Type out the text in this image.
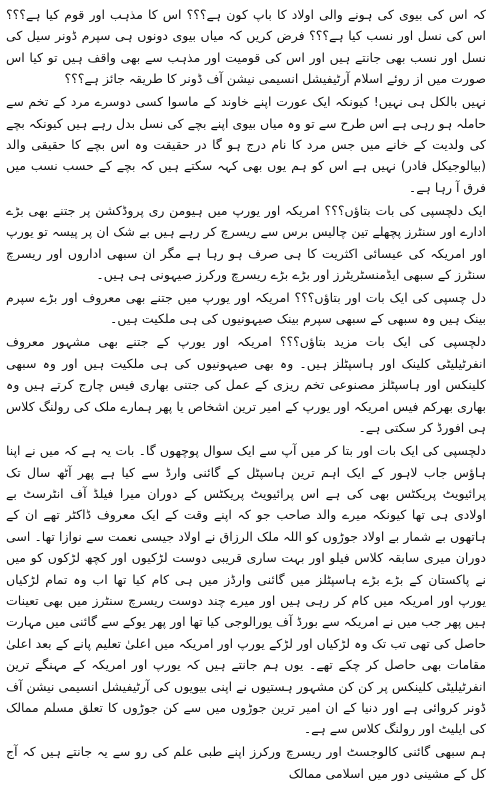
کہ اس کی بیوی کی ہونے والی اولاد کا باپ کون ہے؟؟؟ اس کا مذہب اور قوم کیا ہے؟؟؟ اس کی نسل اور نسب کیا ہے؟؟؟ فرض کریں کہ میاں بیوی دونوں ہی سپرم ڈونر سیل کی نسل اور نسب بھی جانتے ہیں اور اس کی قومیت اور مذہب سے بھی واقف ہیں تو کیا اس صورت میں از روئے اسلام آرٹیفیشل انسیمی نیشن آف ڈونر کا طریقہ جائز ہے؟؟؟

نہیں بالکل ہی نہیں! کیونکہ ایک عورت اپنے خاوند کے ماسوا کسی دوسرے مرد کے تخم سے حاملہ ہو رہی ہے اس طرح سے تو وہ میاں بیوی اپنے بچے کی نسل بدل رہے ہیں کیونکہ بچے کی ولدیت کے خانے میں جس مرد کا نام درج ہو گا در حقیقت وہ اس بچے کا حقیقی والد (بیالوجیکل فادر) نہیں ہے اس کو ہم یوں بھی کہہ سکتے ہیں کہ بچے کے حسب نسب میں فرق آ رہا ہے۔

ایک دلچسپی کی بات بتاؤں؟؟؟ امریکہ اور یورپ میں ہیومن ری پروڈکشن پر جتنے بھی بڑے ادارے اور سنٹرز پچھلے تین چالیس برس سے ریسرچ کر رہے ہیں بے شک ان پر پیسہ تو یورپ اور امریکہ کی عیسائی اکثریت کا ہی صرف ہو رہا ہے مگر ان سبھی اداروں اور ریسرچ سنٹرز کے سبھی ایڈمنسٹریٹرز اور بڑے بڑے ریسرچ ورکرز صیہونی ہی ہیں۔

دل چسپی کی ایک بات اور بتاؤں؟؟؟ امریکہ اور یورپ میں جتنے بھی معروف اور بڑے سپرم بینک ہیں وہ سبھی کے سبھی سپرم بینک صیہونیوں کی ہی ملکیت ہیں۔

دلچسپی کی ایک بات مزید بتاؤں؟؟؟ امریکہ اور یورپ کے جتنے بھی مشہور معروف انفرٹیلیٹی کلینک اور ہاسپٹلز ہیں۔ وہ بھی صیہونیوں کی ہی ملکیت ہیں اور وہ سبھی کلینکس اور ہاسپٹلز مصنوعی تخم ریزی کے عمل کی جتنی بھاری فیس چارج کرتے ہیں وہ بھاری بھرکم فیس امریکہ اور یورپ کے امیر ترین اشخاص یا پھر ہمارے ملک کی رولنگ کلاس ہی افورڈ کر سکتی ہے۔

دلچسپی کی ایک بات اور بتا کر میں آپ سے ایک سوال پوچھوں گا۔ بات یہ ہے کہ میں نے اپنا ہاؤس جاب لاہور کے ایک اہم ترین ہاسپٹل کے گائنی وارڈ سے کیا ہے پھر آٹھ سال تک پرائیویٹ پریکٹس بھی کی ہے اس پرائیویٹ پریکٹس کے دوران میرا فیلڈ آف انٹرسٹ بے اولادی ہی تھا کیونکہ میرے والد صاحب جو کہ اپنے وقت کے ایک معروف ڈاکٹر تھے ان کے ہاتھوں بے شمار بے اولاد جوڑوں کو اللہ ملک الرزاق نے اولاد جیسی نعمت سے نوازا تھا۔ اسی دوران میری سابقہ کلاس فیلو اور بہت ساری قریبی دوست لڑکیوں اور کچھ لڑکوں کو میں نے پاکستان کے بڑے بڑے ہاسپٹلز میں گائنی وارڈز میں ہی کام کیا تھا اب وہ تمام لڑکیاں یورپ اور امریکہ میں کام کر رہی ہیں اور میرے چند دوست ریسرچ سنٹرز میں بھی تعینات ہیں پھر جب میں نے امریکہ سے بورڈ آف یورالوجی کیا تھا اور پھر یوکے سے گائنی میں مہارت حاصل کی تھی تب تک وہ لڑکیاں اور لڑکے یورپ اور امریکہ میں اعلیٰ تعلیم پانے کے بعد اعلیٰ مقامات بھی حاصل کر چکے تھے۔ یوں ہم جانتے ہیں کہ یورپ اور امریکہ کے مہنگے ترین انفرٹیلیٹی کلینکس پر کن کن مشہور ہستیوں نے اپنی بیویوں کی آرٹیفیشل انسیمی نیشن آف ڈونر کروائی ہے اور دنیا کے ان امیر ترین جوڑوں میں سے کن جوڑوں کا تعلق مسلم ممالک کی ایلیٹ اور رولنگ کلاس سے ہے۔

ہم سبھی گائنی کالوجسٹ اور ریسرچ ورکرز اپنے طبی علم کی رو سے یہ جانتے ہیں کہ آج کل کے مشینی دور میں اسلامی ممالک
